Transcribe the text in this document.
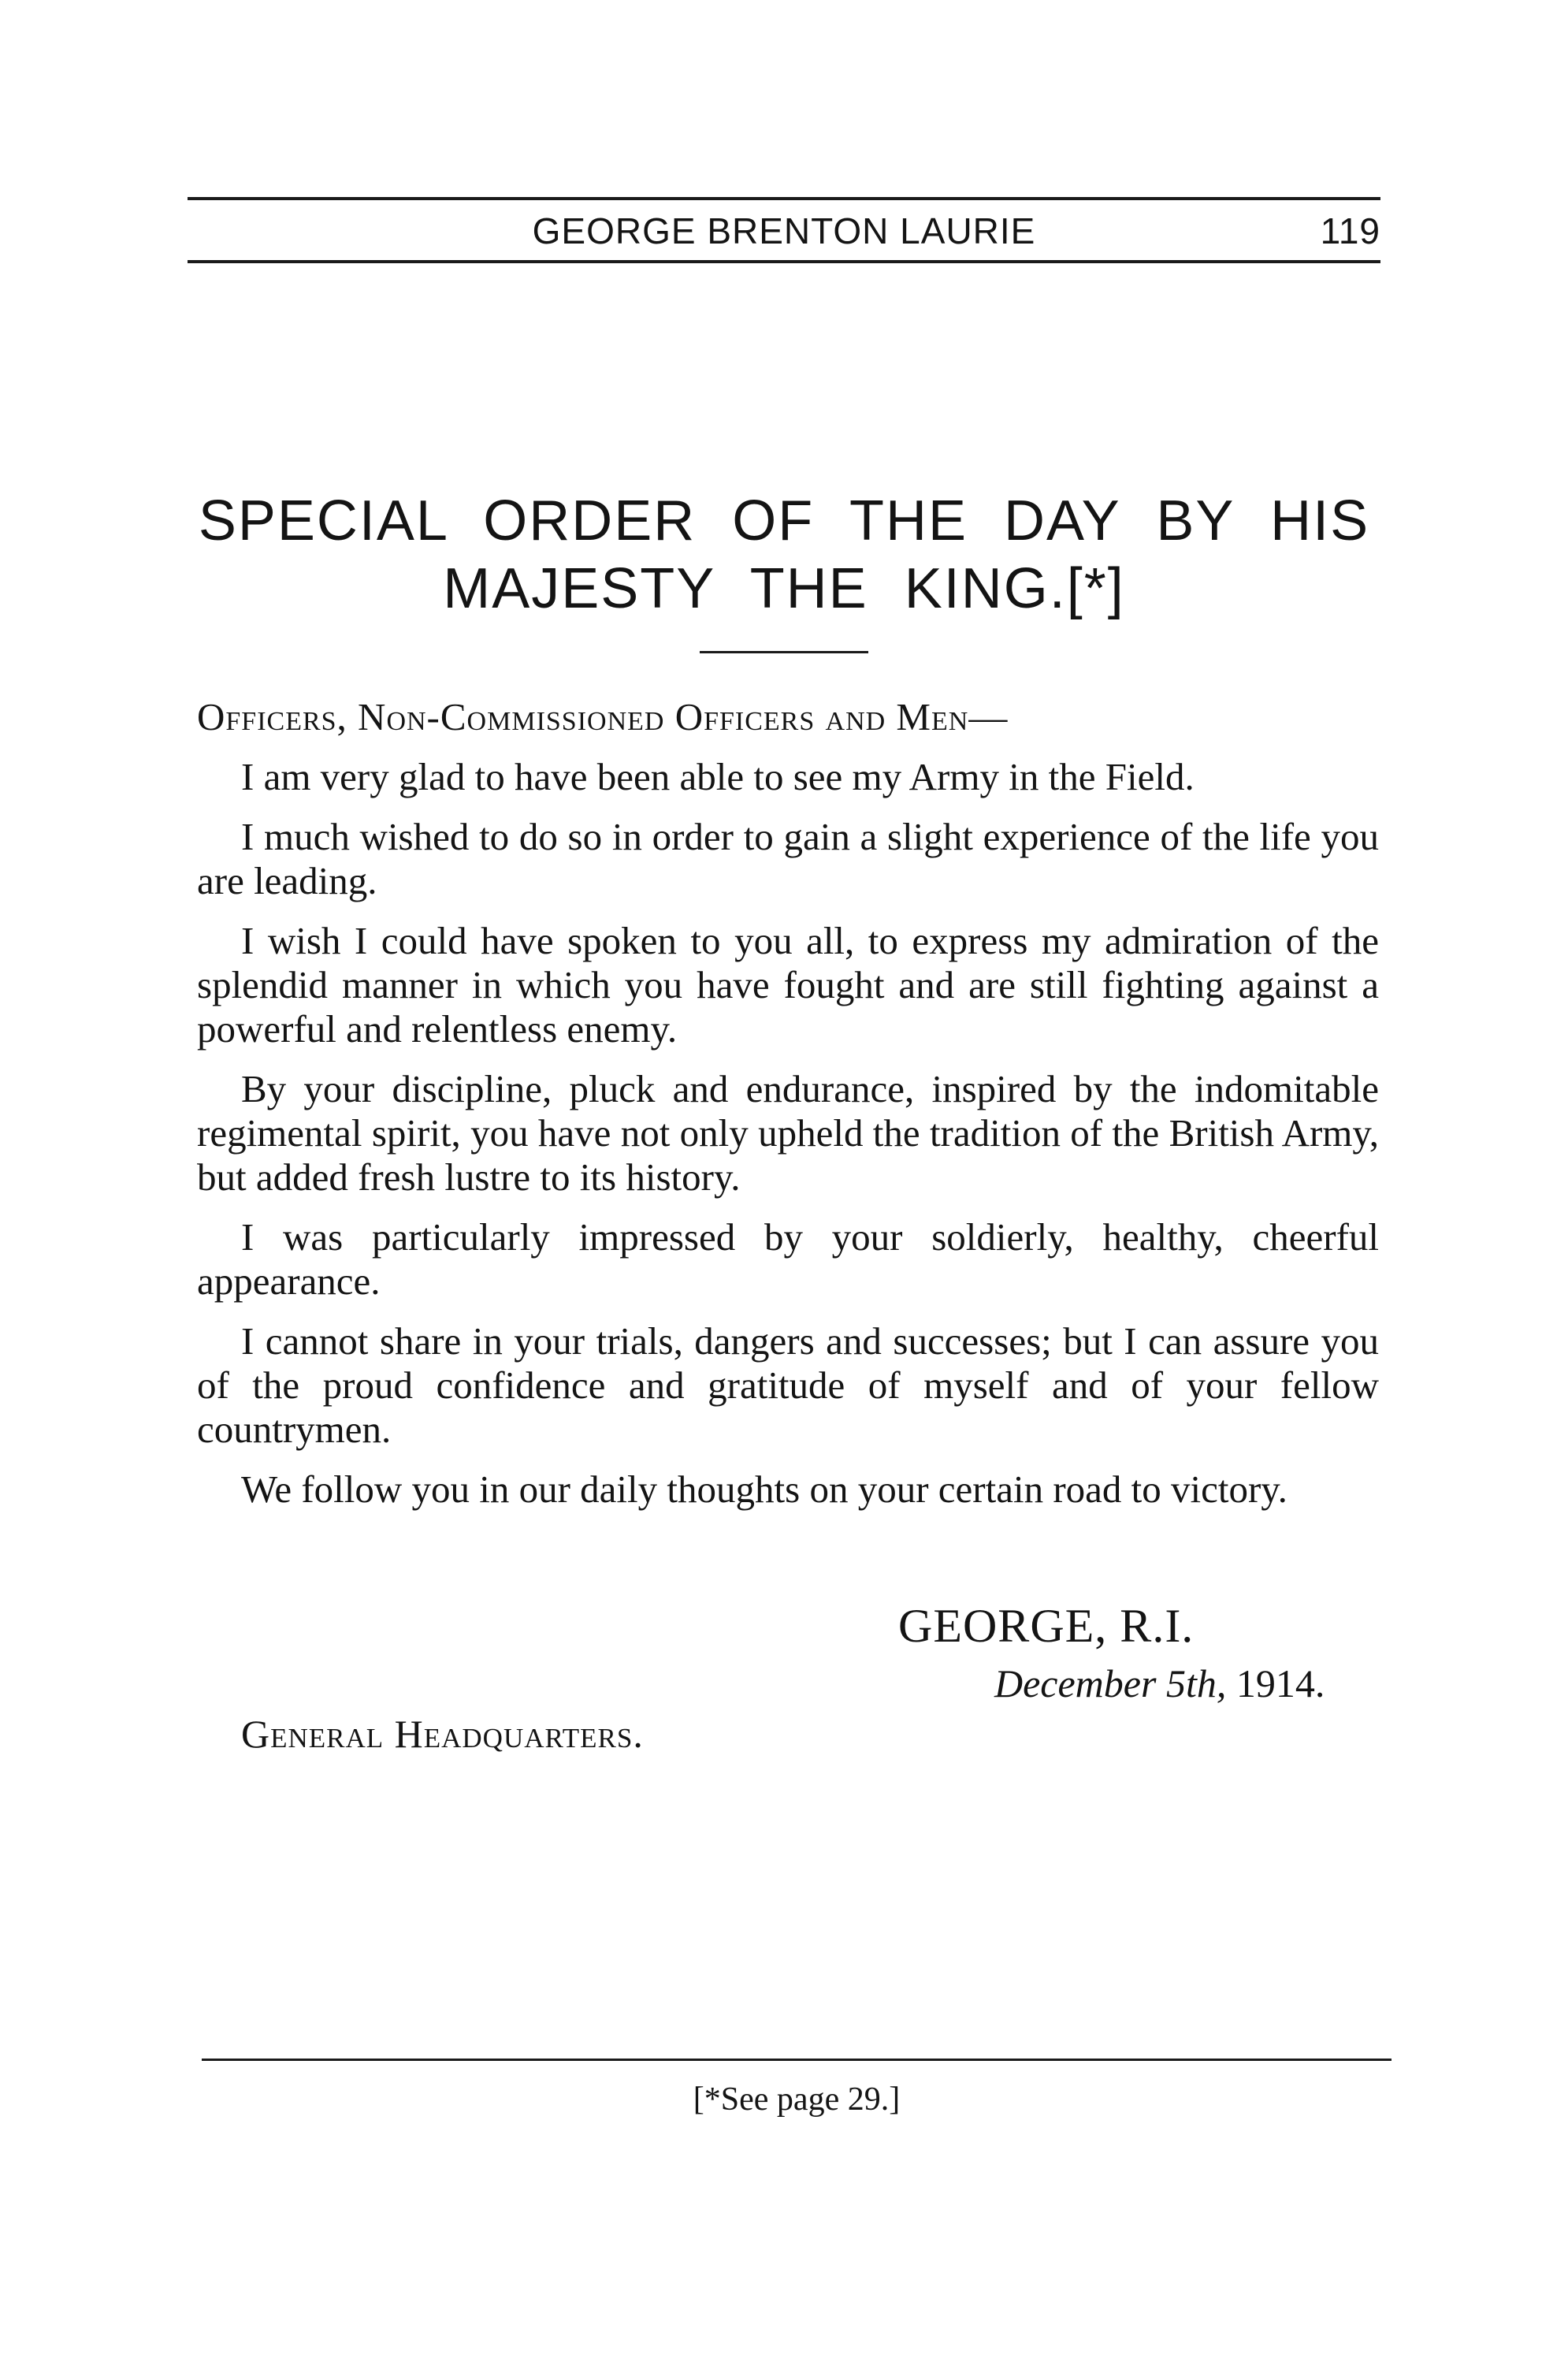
GEORGE BRENTON LAURIE	119
SPECIAL ORDER OF THE DAY BY HIS
MAJESTY THE KING.[*]

Officers, Non-Commissioned Officers and Men—

I am very glad to have been able to see my Army in the Field.

I much wished to do so in order to gain a slight experience of the life you are leading.

I wish I could have spoken to you all, to express my admiration of the splendid manner in which you have fought and are still fighting against a powerful and relentless enemy.

By your discipline, pluck and endurance, inspired by the indomitable regimental spirit, you have not only upheld the tradition of the British Army, but added fresh lustre to its history.

I was particularly impressed by your soldierly, healthy, cheerful appearance.

I cannot share in your trials, dangers and successes; but I can assure you of the proud confidence and gratitude of myself and of your fellow countrymen.

We follow you in our daily thoughts on your certain road to victory.

GEORGE, R.I.
December 5th, 1914.
General Headquarters.
[*See page 29.]
